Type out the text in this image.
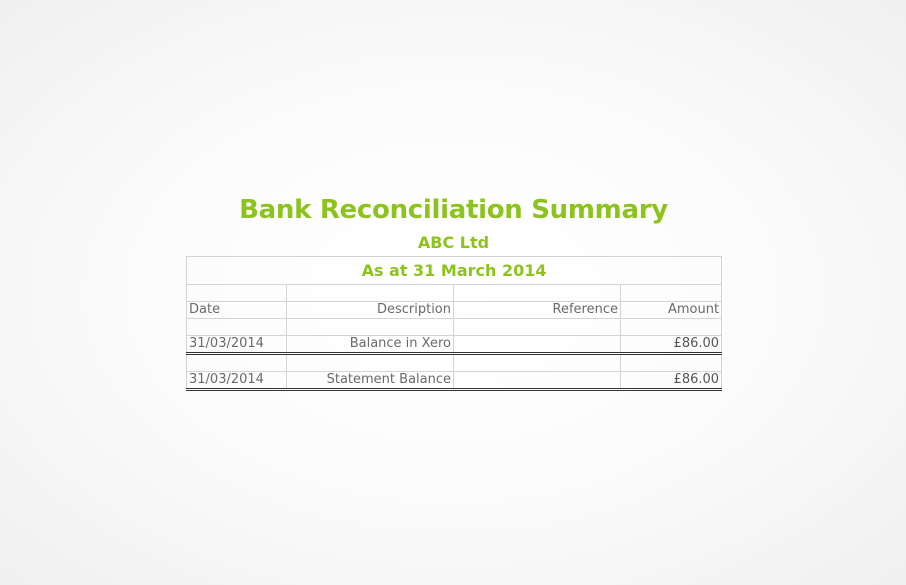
Bank Reconciliation Summary
ABC Ltd
As at 31 March 2014			

Date	Description	Reference	Amount

31/03/2014	Balance in Xero		£86.00

31/03/2014	Statement Balance		£86.00
